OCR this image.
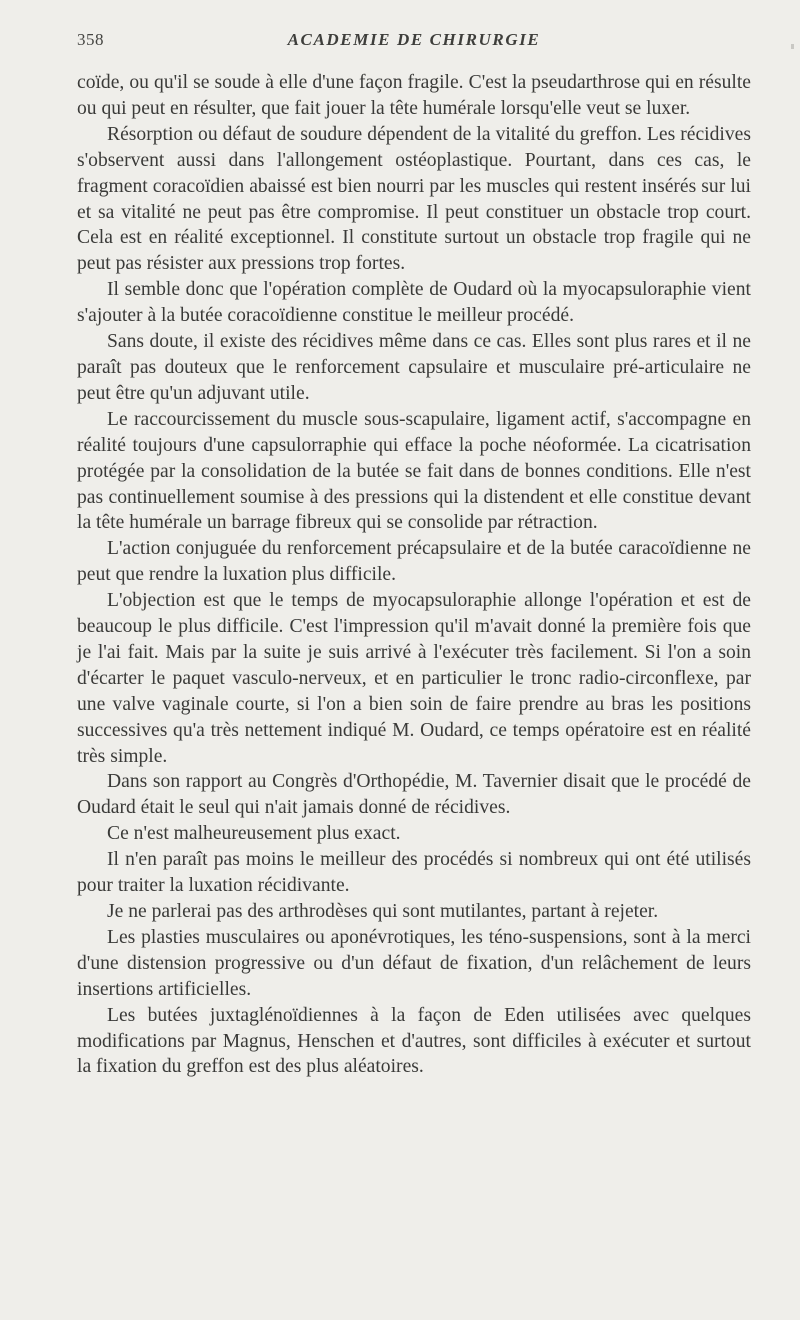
358	ACADEMIE DE CHIRURGIE

coïde, ou qu'il se soude à elle d'une façon fragile. C'est la pseudarthrose qui en résulte ou qui peut en résulter, que fait jouer la tête humérale lorsqu'elle veut se luxer.

Résorption ou défaut de soudure dépendent de la vitalité du greffon. Les récidives s'observent aussi dans l'allongement ostéoplastique. Pourtant, dans ces cas, le fragment coracoïdien abaissé est bien nourri par les muscles qui restent insérés sur lui et sa vitalité ne peut pas être compromise. Il peut constituer un obstacle trop court. Cela est en réalité exceptionnel. Il constitute surtout un obstacle trop fragile qui ne peut pas résister aux pressions trop fortes.

Il semble donc que l'opération complète de Oudard où la myocapsuloraphie vient s'ajouter à la butée coracoïdienne constitue le meilleur procédé.

Sans doute, il existe des récidives même dans ce cas. Elles sont plus rares et il ne paraît pas douteux que le renforcement capsulaire et musculaire pré-articulaire ne peut être qu'un adjuvant utile.

Le raccourcissement du muscle sous-scapulaire, ligament actif, s'accompagne en réalité toujours d'une capsulorraphie qui efface la poche néoformée. La cicatrisation protégée par la consolidation de la butée se fait dans de bonnes conditions. Elle n'est pas continuellement soumise à des pressions qui la distendent et elle constitue devant la tête humérale un barrage fibreux qui se consolide par rétraction.

L'action conjuguée du renforcement précapsulaire et de la butée caracoïdienne ne peut que rendre la luxation plus difficile.

L'objection est que le temps de myocapsuloraphie allonge l'opération et est de beaucoup le plus difficile. C'est l'impression qu'il m'avait donné la première fois que je l'ai fait. Mais par la suite je suis arrivé à l'exécuter très facilement. Si l'on a soin d'écarter le paquet vasculo-nerveux, et en particulier le tronc radio-circonflexe, par une valve vaginale courte, si l'on a bien soin de faire prendre au bras les positions successives qu'a très nettement indiqué M. Oudard, ce temps opératoire est en réalité très simple.

Dans son rapport au Congrès d'Orthopédie, M. Tavernier disait que le procédé de Oudard était le seul qui n'ait jamais donné de récidives.

Ce n'est malheureusement plus exact.

Il n'en paraît pas moins le meilleur des procédés si nombreux qui ont été utilisés pour traiter la luxation récidivante.

Je ne parlerai pas des arthrodèses qui sont mutilantes, partant à rejeter.

Les plasties musculaires ou aponévrotiques, les téno-suspensions, sont à la merci d'une distension progressive ou d'un défaut de fixation, d'un relâchement de leurs insertions artificielles.

Les butées juxtaglénoïdiennes à la façon de Eden utilisées avec quelques modifications par Magnus, Henschen et d'autres, sont difficiles à exécuter et surtout la fixation du greffon est des plus aléatoires.
